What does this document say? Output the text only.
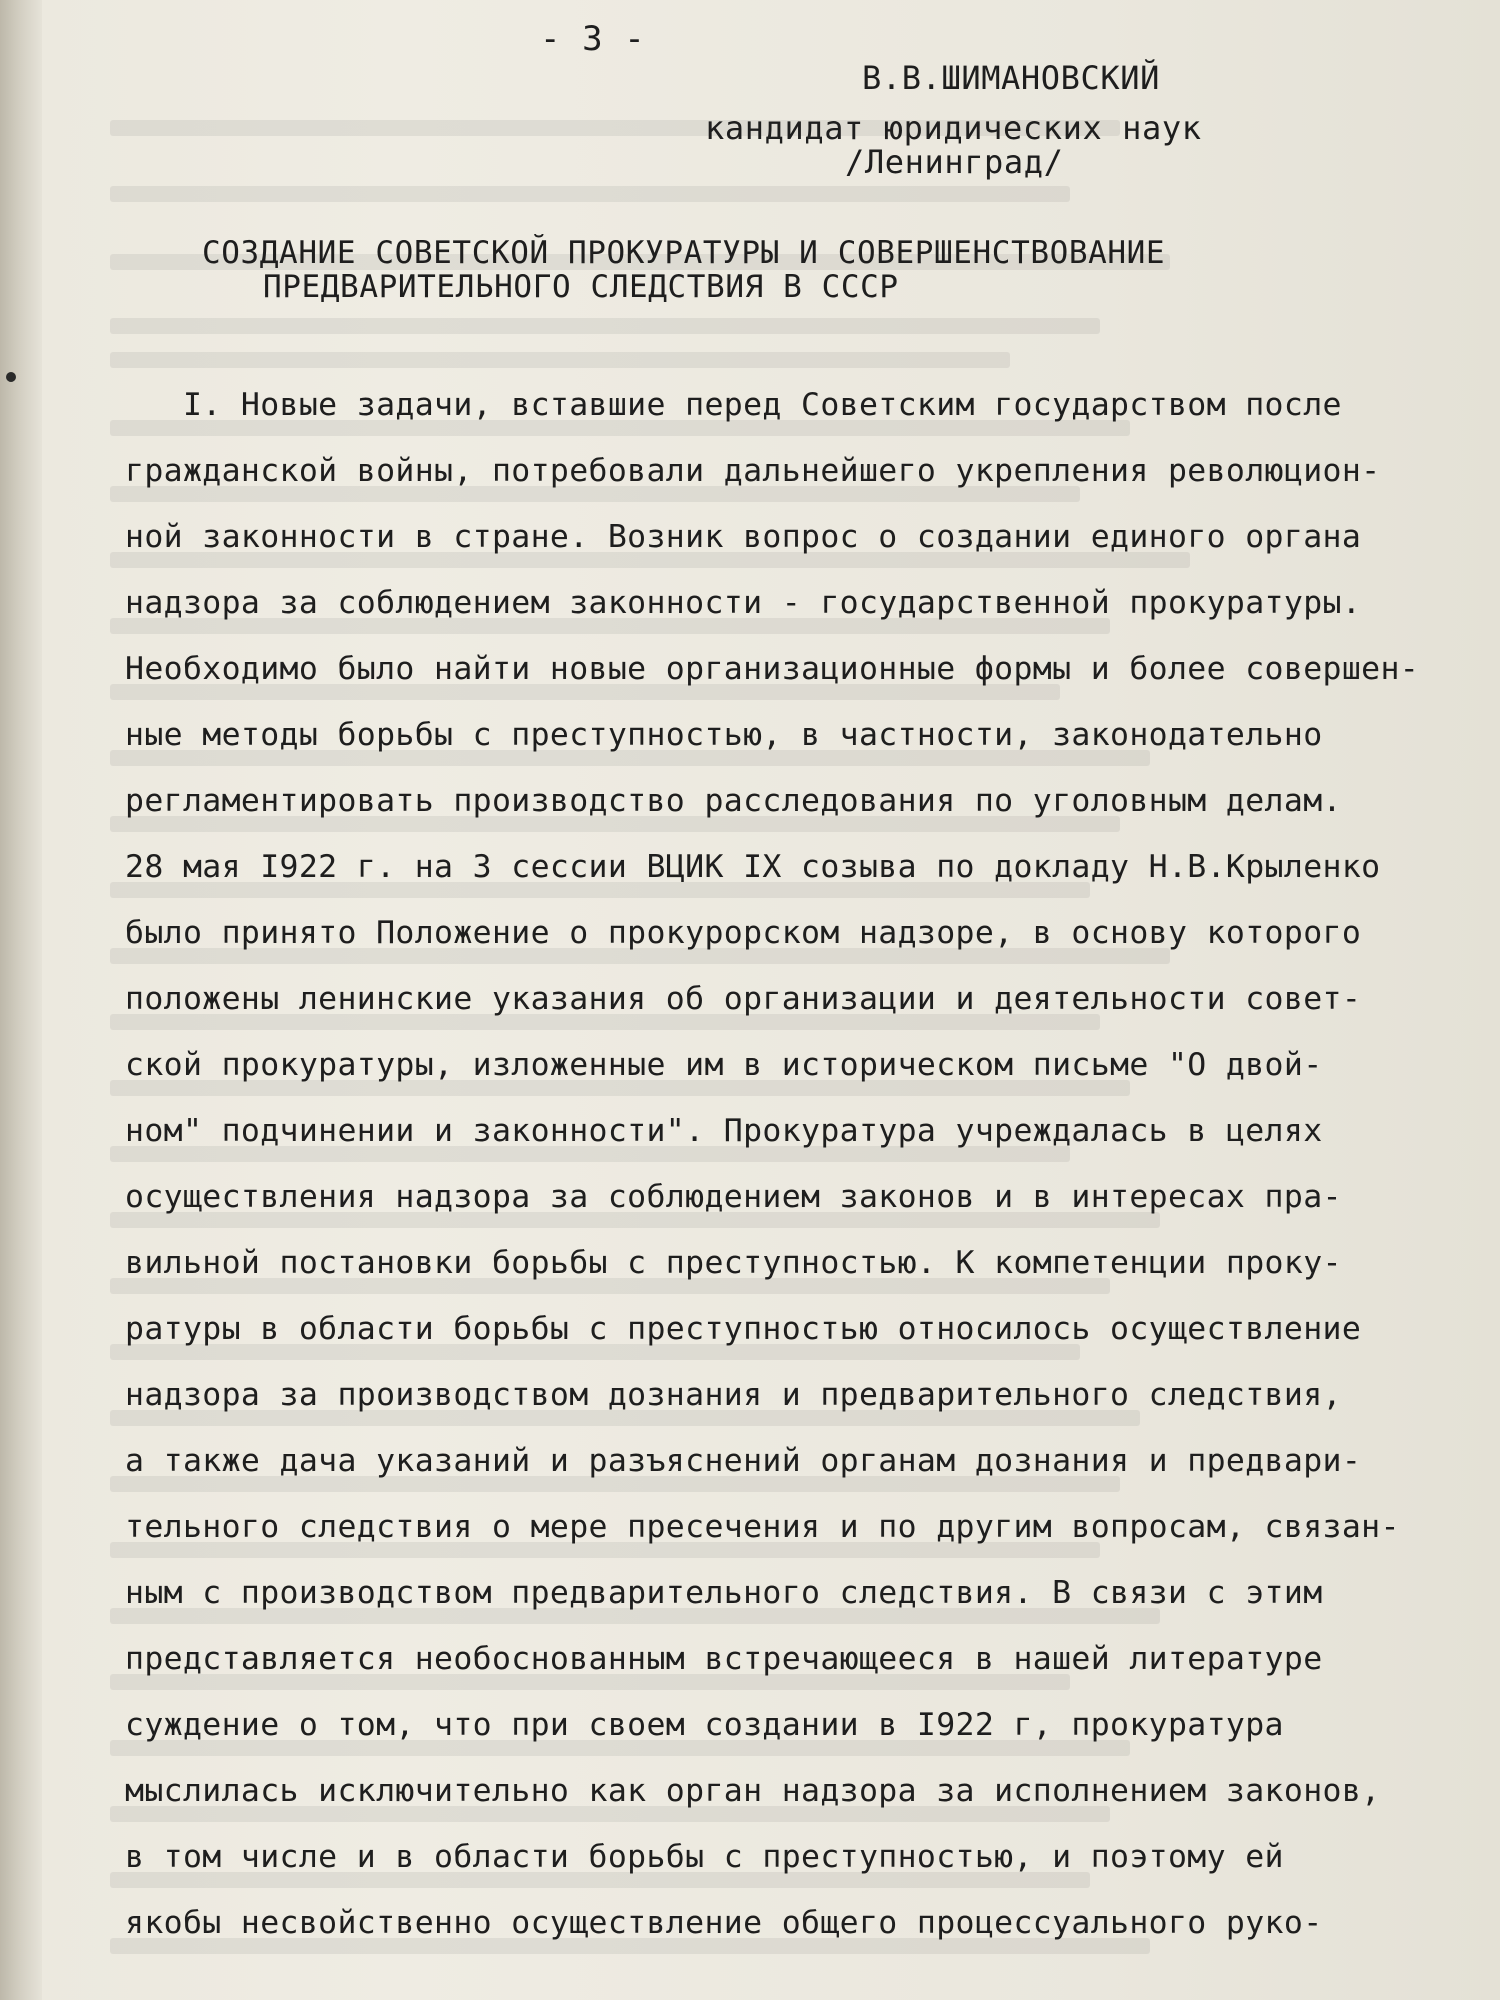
- 3 -
В.В.ШИМАНОВСКИЙ
кандидат юридических наук
/Ленинград/
СОЗДАНИЕ СОВЕТСКОЙ ПРОКУРАТУРЫ И СОВЕРШЕНСТВОВАНИЕ
ПРЕДВАРИТЕЛЬНОГО СЛЕДСТВИЯ В СССР
I. Новые задачи, вставшие перед Советским государством после
гражданской войны, потребовали дальнейшего укрепления революцион-
ной законности в стране. Возник вопрос о создании единого органа
надзора за соблюдением законности - государственной прокуратуры.
Необходимо было найти новые организационные формы и более совершен-
ные методы борьбы с преступностью, в частности, законодательно
регламентировать производство расследования по уголовным делам.
28 мая I922 г. на 3 сессии ВЦИК IX созыва по докладу Н.В.Крыленко
было принято Положение о прокурорском надзоре, в основу которого
положены ленинские указания об организации и деятельности совет-
ской прокуратуры, изложенные им в историческом письме "О двой-
ном" подчинении и законности". Прокуратура учреждалась в целях
осуществления надзора за соблюдением законов и в интересах пра-
вильной постановки борьбы с преступностью. К компетенции проку-
ратуры в области борьбы с преступностью относилось осуществление
надзора за производством дознания и предварительного следствия,
а также дача указаний и разъяснений органам дознания и предвари-
тельного следствия о мере пресечения и по другим вопросам, связан-
ным с производством предварительного следствия. В связи с этим
представляется необоснованным встречающееся в нашей литературе
суждение о том, что при своем создании в I922 г, прокуратура
мыслилась исключительно как орган надзора за исполнением законов,
в том числе и в области борьбы с преступностью, и поэтому ей
якобы несвойственно осуществление общего процессуального руко-
